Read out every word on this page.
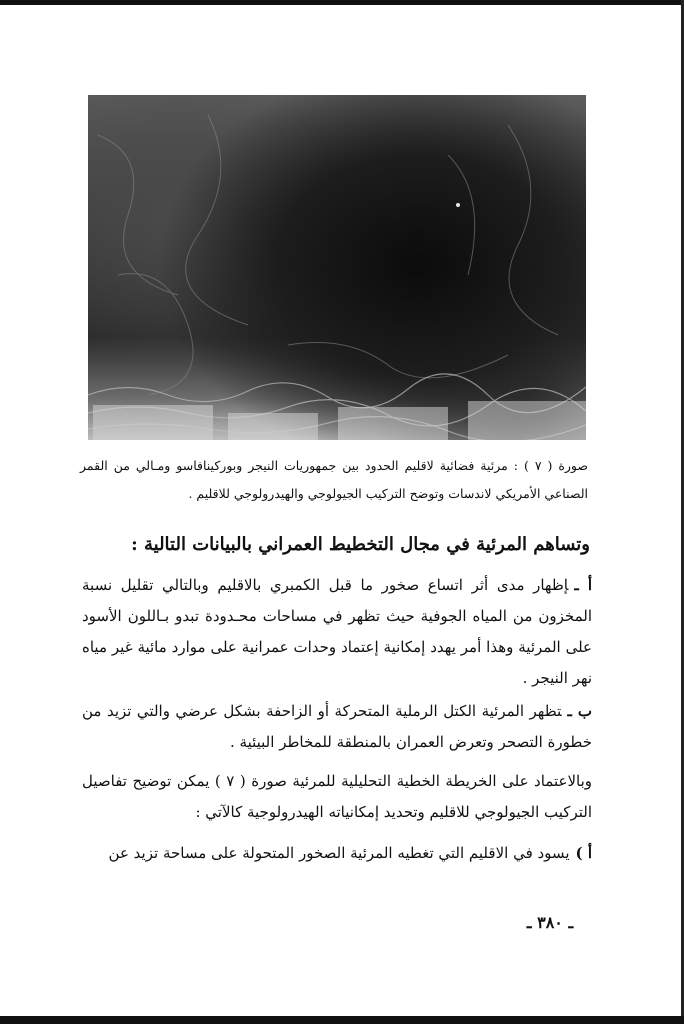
صورة ( ٧ ) : مرئية فضائية لاقليم الحدود بين جمهوريات النيجر وبوركينافاسو ومـالي من القمر الصناعي الأمريكي لاندسات وتوضح التركيب الجيولوجي والهيدرولوجي للاقليم .
وتساهم المرئية في مجال التخطيط العمراني بالبيانات التالية :
أ ـإظهار مدى أثر اتساع صخور ما قبل الكمبري بالاقليم وبالتالي تقليل نسبة المخزون من المياه الجوفية حيث تظهر في مساحات محـدودة تبدو بـاللون الأسود على المرئية وهذا أمر يهدد إمكانية إعتماد وحدات عمرانية على موارد مائية غير مياه نهر النيجر .
ب ـتظهر المرئية الكتل الرملية المتحركة أو الزاحفة بشكل عرضي والتي تزيد من خطورة التصحر وتعرض العمران بالمنطقة للمخاطر البيئية .
وبالاعتماد على الخريطة الخطية التحليلية للمرئية صورة ( ٧ ) يمكن توضيح تفاصيل التركيب الجيولوجي للاقليم وتحديد إمكانياته الهيدرولوجية كالآتي :
أ )يسود في الاقليم التي تغطيه المرئية الصخور المتحولة على مساحة تزيد عن
ـ ٣٨٠ ـ
